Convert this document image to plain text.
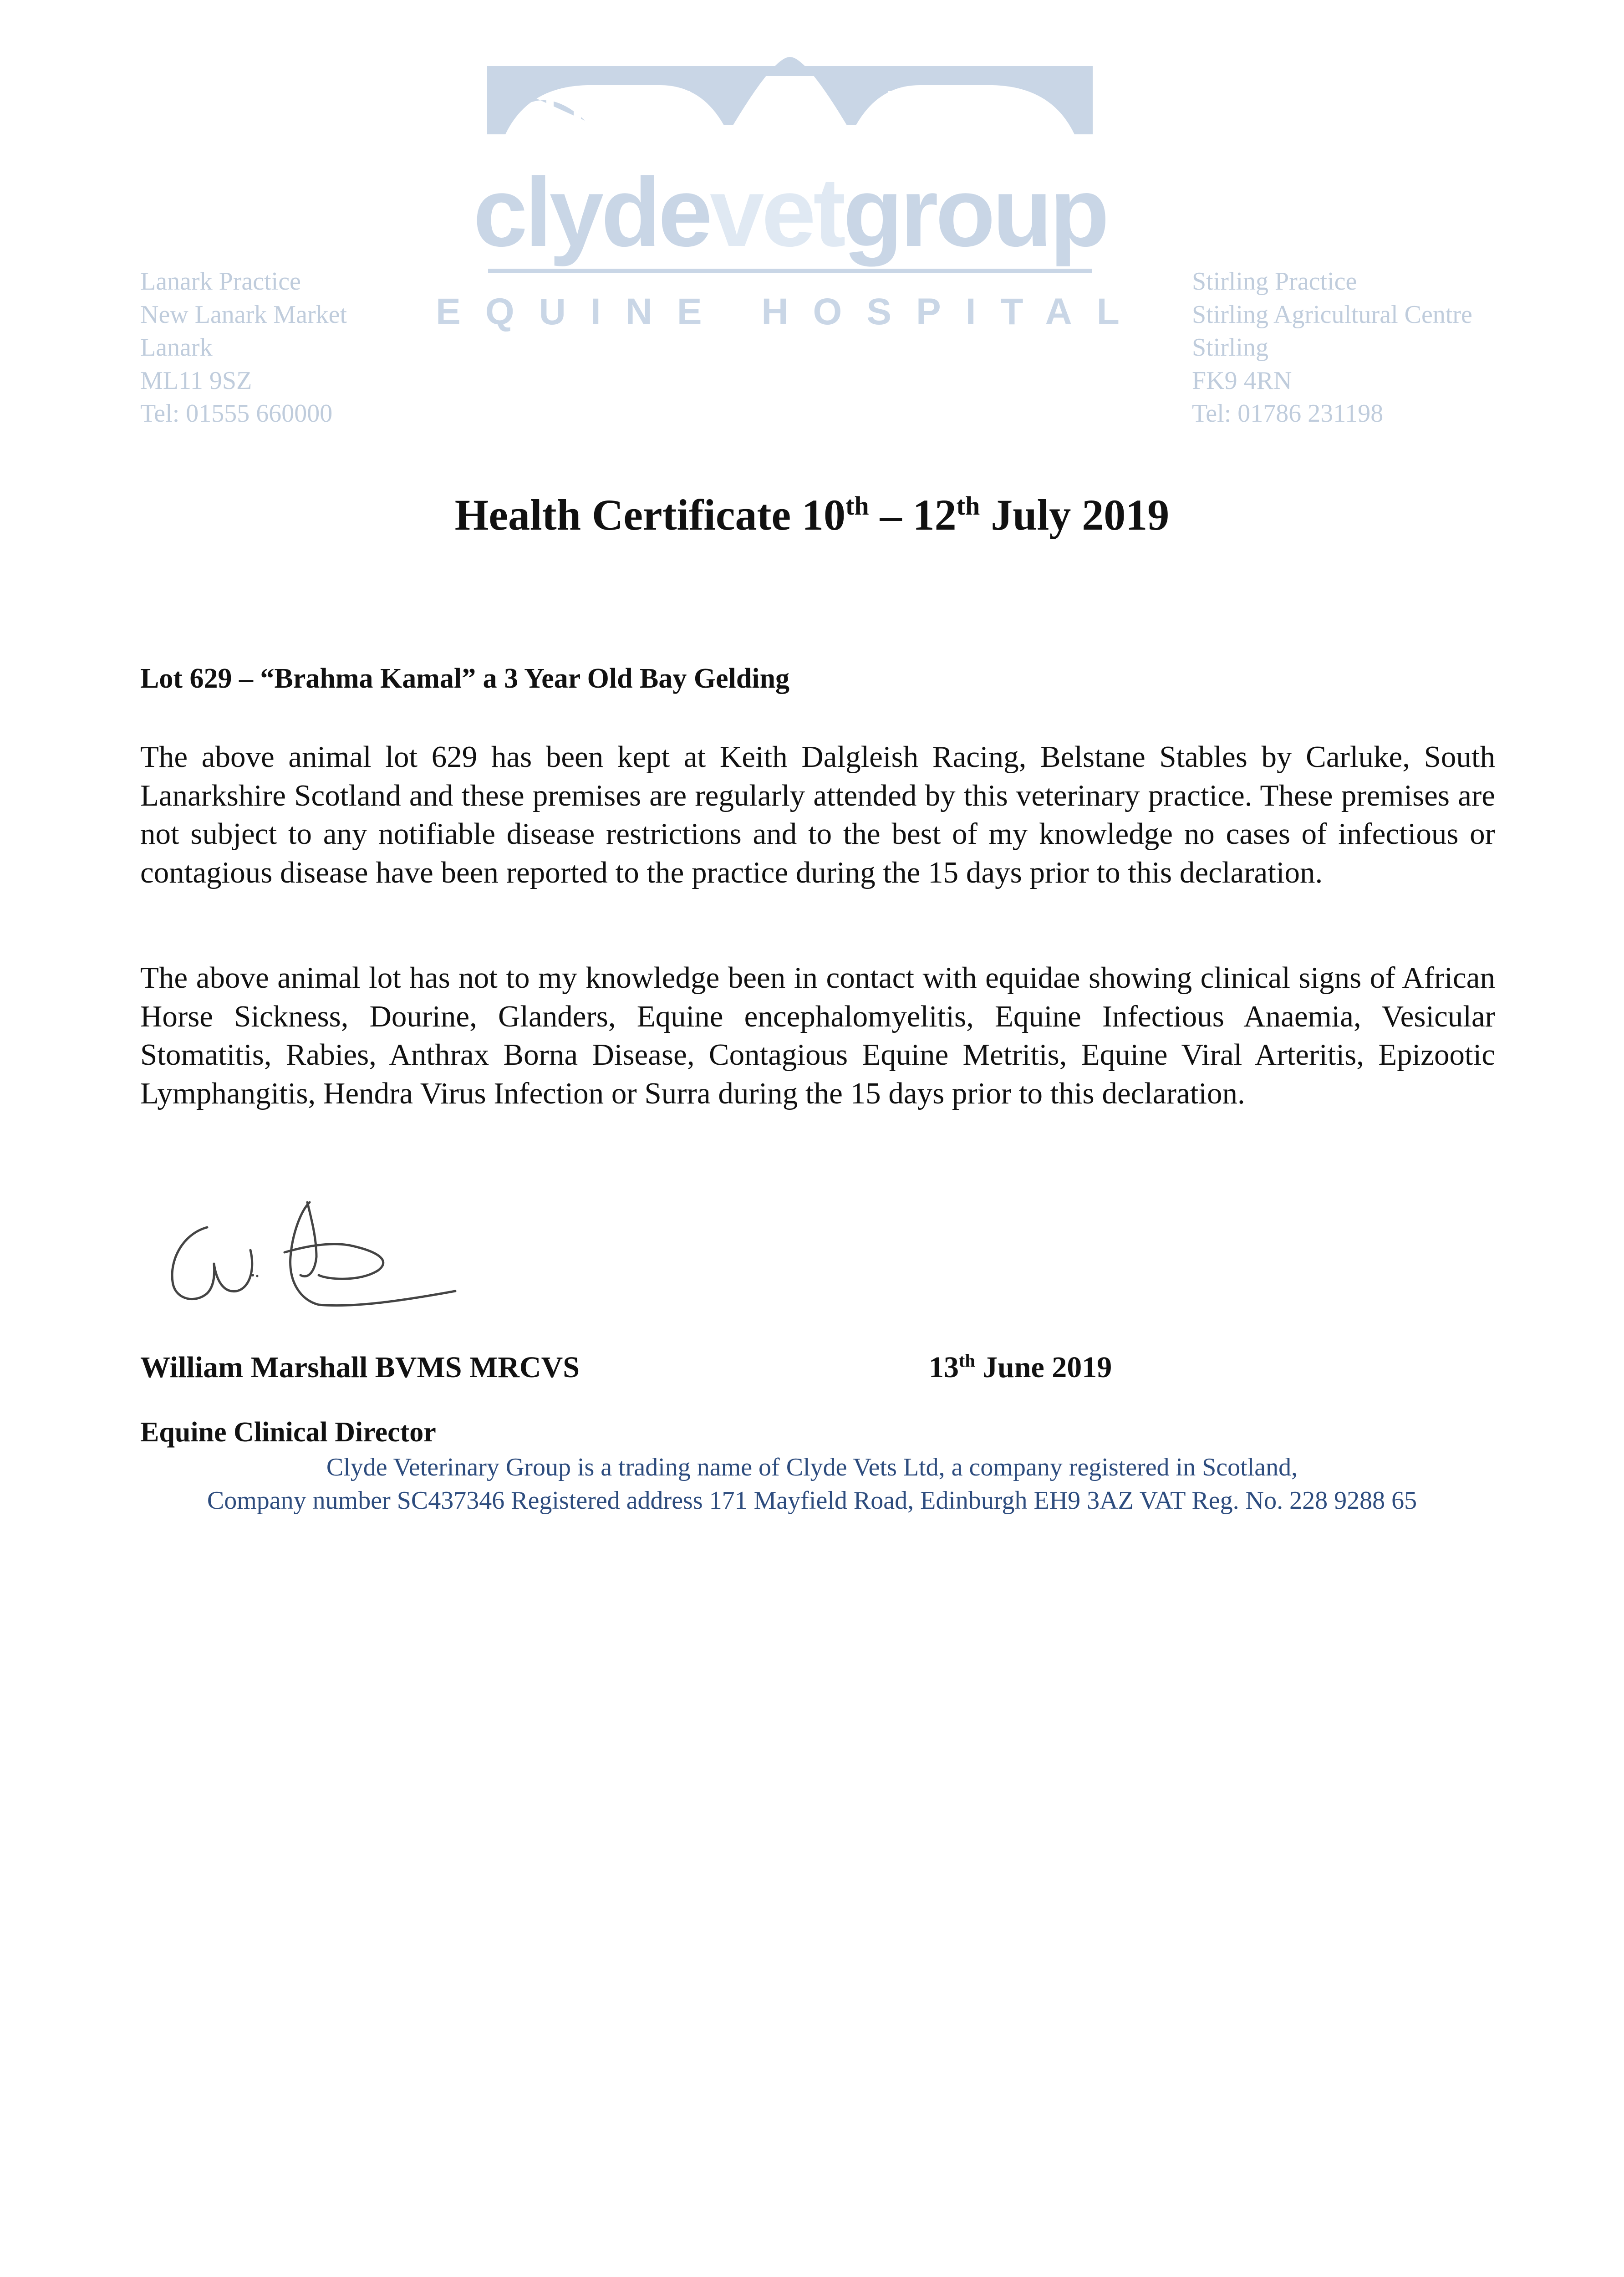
clydevetgroup
EQUINE HOSPITAL
Lanark Practice
New Lanark Market
Lanark
ML11 9SZ
Tel: 01555 660000
Stirling Practice
Stirling Agricultural Centre
Stirling
FK9 4RN
Tel: 01786 231198
Health Certificate 10th – 12th July 2019
Lot 629 – “Brahma Kamal” a 3 Year Old Bay Gelding
The above animal lot 629 has been kept at Keith Dalgleish Racing, Belstane Stables by Carluke, South Lanarkshire Scotland and these premises are regularly attended by this veterinary practice. These premises are not subject to any notifiable disease restrictions and to the best of my knowledge no cases of infectious or contagious disease have been reported to the practice during the 15 days prior to this declaration.
The above animal lot has not to my knowledge been in contact with equidae showing clinical signs of African Horse Sickness, Dourine, Glanders, Equine encephalomyelitis, Equine Infectious Anaemia, Vesicular Stomatitis, Rabies, Anthrax Borna Disease, Contagious Equine Metritis, Equine Viral Arteritis, Epizootic Lymphangitis, Hendra Virus Infection or Surra during the 15 days prior to this declaration.
William Marshall BVMS MRCVS	13th June 2019
Equine Clinical Director
Clyde Veterinary Group is a trading name of Clyde Vets Ltd, a company registered in Scotland,
Company number SC437346 Registered address 171 Mayfield Road, Edinburgh EH9 3AZ VAT Reg. No. 228 9288 65
